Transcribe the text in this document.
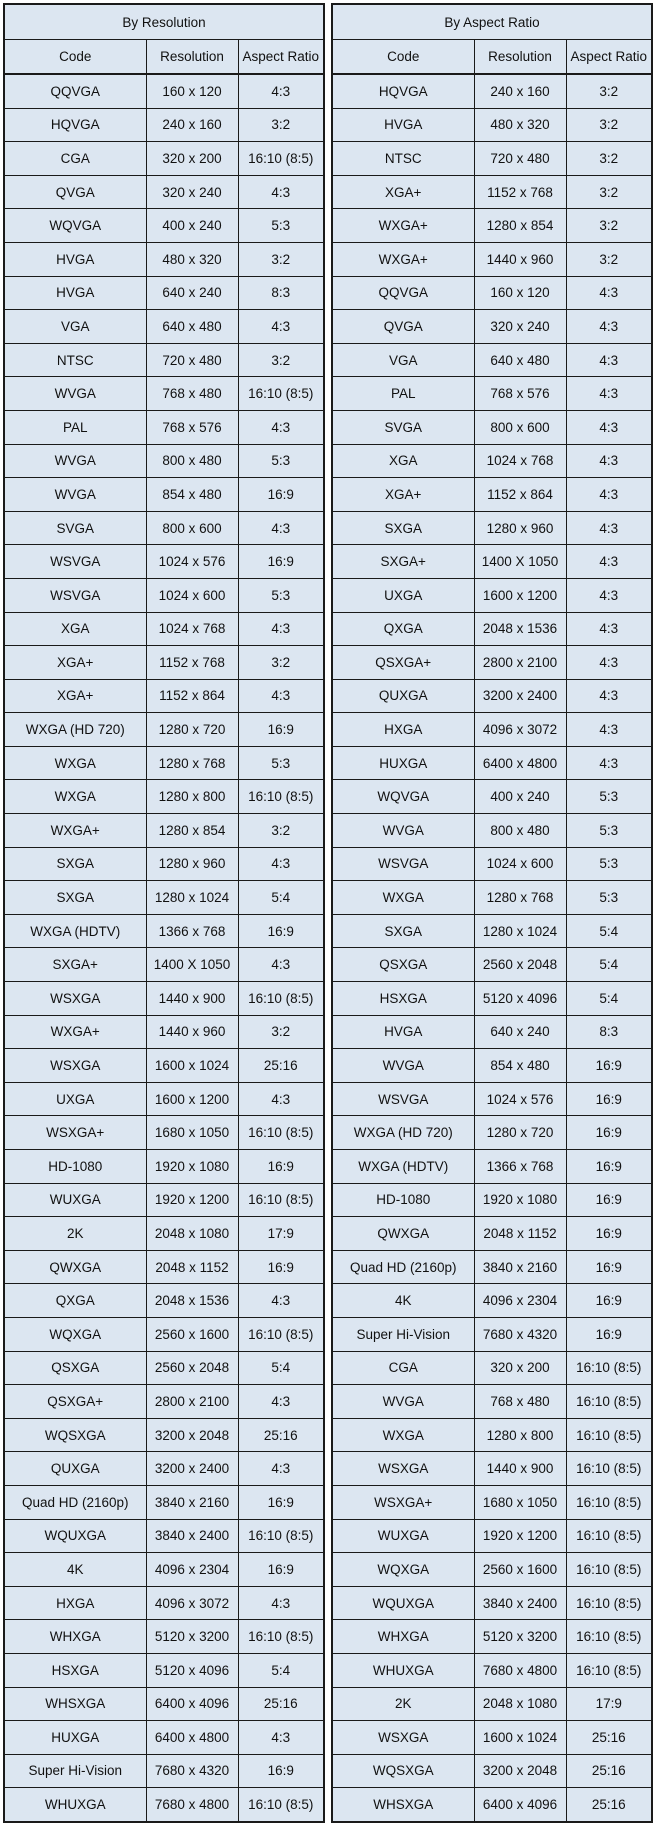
By Resolution		
Code	Resolution	Aspect Ratio
QQVGA	160 x 120	4:3
HQVGA	240 x 160	3:2
CGA	320 x 200	16:10 (8:5)
QVGA	320 x 240	4:3
WQVGA	400 x 240	5:3
HVGA	480 x 320	3:2
HVGA	640 x 240	8:3
VGA	640 x 480	4:3
NTSC	720 x 480	3:2
WVGA	768 x 480	16:10 (8:5)
PAL	768 x 576	4:3
WVGA	800 x 480	5:3
WVGA	854 x 480	16:9
SVGA	800 x 600	4:3
WSVGA	1024 x 576	16:9
WSVGA	1024 x 600	5:3
XGA	1024 x 768	4:3
XGA+	1152 x 768	3:2
XGA+	1152 x 864	4:3
WXGA (HD 720)	1280 x 720	16:9
WXGA	1280 x 768	5:3
WXGA	1280 x 800	16:10 (8:5)
WXGA+	1280 x 854	3:2
SXGA	1280 x 960	4:3
SXGA	1280 x 1024	5:4
WXGA (HDTV)	1366 x 768	16:9
SXGA+	1400 X 1050	4:3
WSXGA	1440 x 900	16:10 (8:5)
WXGA+	1440 x 960	3:2
WSXGA	1600 x 1024	25:16
UXGA	1600 x 1200	4:3
WSXGA+	1680 x 1050	16:10 (8:5)
HD-1080	1920 x 1080	16:9
WUXGA	1920 x 1200	16:10 (8:5)
2K	2048 x 1080	17:9
QWXGA	2048 x 1152	16:9
QXGA	2048 x 1536	4:3
WQXGA	2560 x 1600	16:10 (8:5)
QSXGA	2560 x 2048	5:4
QSXGA+	2800 x 2100	4:3
WQSXGA	3200 x 2048	25:16
QUXGA	3200 x 2400	4:3
Quad HD (2160p)	3840 x 2160	16:9
WQUXGA	3840 x 2400	16:10 (8:5)
4K	4096 x 2304	16:9
HXGA	4096 x 3072	4:3
WHXGA	5120 x 3200	16:10 (8:5)
HSXGA	5120 x 4096	5:4
WHSXGA	6400 x 4096	25:16
HUXGA	6400 x 4800	4:3
Super Hi-Vision	7680 x 4320	16:9
WHUXGA	7680 x 4800	16:10 (8:5)
By Aspect Ratio		
Code	Resolution	Aspect Ratio
HQVGA	240 x 160	3:2
HVGA	480 x 320	3:2
NTSC	720 x 480	3:2
XGA+	1152 x 768	3:2
WXGA+	1280 x 854	3:2
WXGA+	1440 x 960	3:2
QQVGA	160 x 120	4:3
QVGA	320 x 240	4:3
VGA	640 x 480	4:3
PAL	768 x 576	4:3
SVGA	800 x 600	4:3
XGA	1024 x 768	4:3
XGA+	1152 x 864	4:3
SXGA	1280 x 960	4:3
SXGA+	1400 X 1050	4:3
UXGA	1600 x 1200	4:3
QXGA	2048 x 1536	4:3
QSXGA+	2800 x 2100	4:3
QUXGA	3200 x 2400	4:3
HXGA	4096 x 3072	4:3
HUXGA	6400 x 4800	4:3
WQVGA	400 x 240	5:3
WVGA	800 x 480	5:3
WSVGA	1024 x 600	5:3
WXGA	1280 x 768	5:3
SXGA	1280 x 1024	5:4
QSXGA	2560 x 2048	5:4
HSXGA	5120 x 4096	5:4
HVGA	640 x 240	8:3
WVGA	854 x 480	16:9
WSVGA	1024 x 576	16:9
WXGA (HD 720)	1280 x 720	16:9
WXGA (HDTV)	1366 x 768	16:9
HD-1080	1920 x 1080	16:9
QWXGA	2048 x 1152	16:9
Quad HD (2160p)	3840 x 2160	16:9
4K	4096 x 2304	16:9
Super Hi-Vision	7680 x 4320	16:9
CGA	320 x 200	16:10 (8:5)
WVGA	768 x 480	16:10 (8:5)
WXGA	1280 x 800	16:10 (8:5)
WSXGA	1440 x 900	16:10 (8:5)
WSXGA+	1680 x 1050	16:10 (8:5)
WUXGA	1920 x 1200	16:10 (8:5)
WQXGA	2560 x 1600	16:10 (8:5)
WQUXGA	3840 x 2400	16:10 (8:5)
WHXGA	5120 x 3200	16:10 (8:5)
WHUXGA	7680 x 4800	16:10 (8:5)
2K	2048 x 1080	17:9
WSXGA	1600 x 1024	25:16
WQSXGA	3200 x 2048	25:16
WHSXGA	6400 x 4096	25:16
